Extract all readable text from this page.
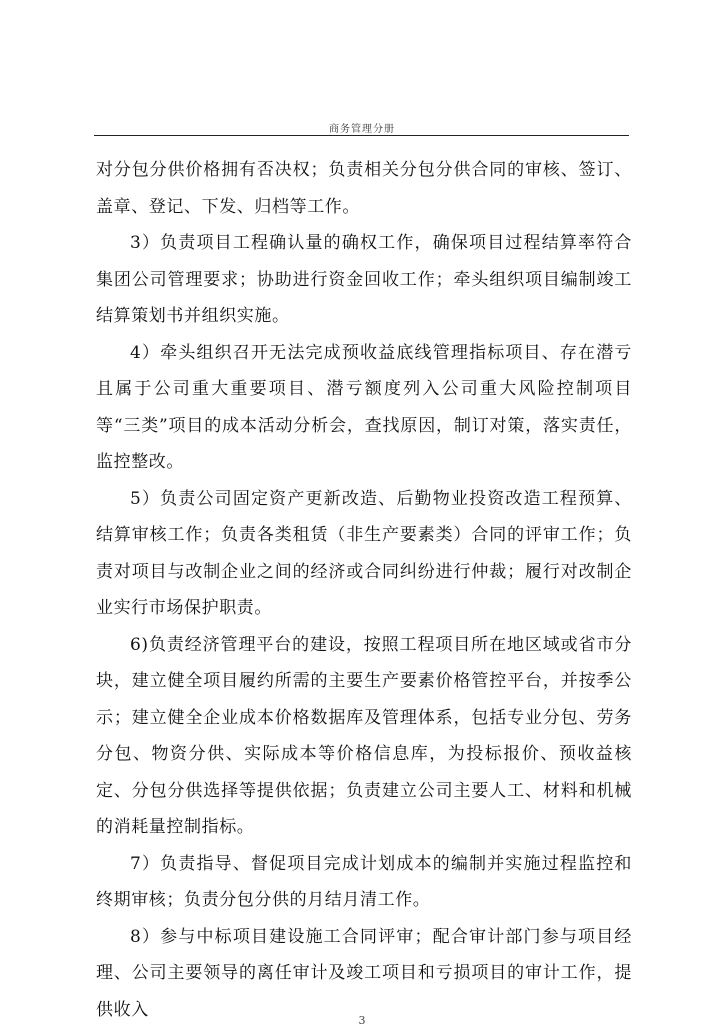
商务管理分册

对分包分供价格拥有否决权；负责相关分包分供合同的审核、签订、盖章、登记、下发、归档等工作。

3）负责项目工程确认量的确权工作，确保项目过程结算率符合集团公司管理要求；协助进行资金回收工作；牵头组织项目编制竣工结算策划书并组织实施。

4）牵头组织召开无法完成预收益底线管理指标项目、存在潜亏且属于公司重大重要项目、潜亏额度列入公司重大风险控制项目等“三类”项目的成本活动分析会，查找原因，制订对策，落实责任，监控整改。

5）负责公司固定资产更新改造、后勤物业投资改造工程预算、结算审核工作；负责各类租赁（非生产要素类）合同的评审工作；负责对项目与改制企业之间的经济或合同纠纷进行仲裁；履行对改制企业实行市场保护职责。

6)负责经济管理平台的建设，按照工程项目所在地区域或省市分块，建立健全项目履约所需的主要生产要素价格管控平台，并按季公示；建立健全企业成本价格数据库及管理体系，包括专业分包、劳务分包、物资分供、实际成本等价格信息库，为投标报价、预收益核定、分包分供选择等提供依据；负责建立公司主要人工、材料和机械的消耗量控制指标。

7）负责指导、督促项目完成计划成本的编制并实施过程监控和终期审核；负责分包分供的月结月清工作。

8）参与中标项目建设施工合同评审；配合审计部门参与项目经理、公司主要领导的离任审计及竣工项目和亏损项目的审计工作，提供收入

3
